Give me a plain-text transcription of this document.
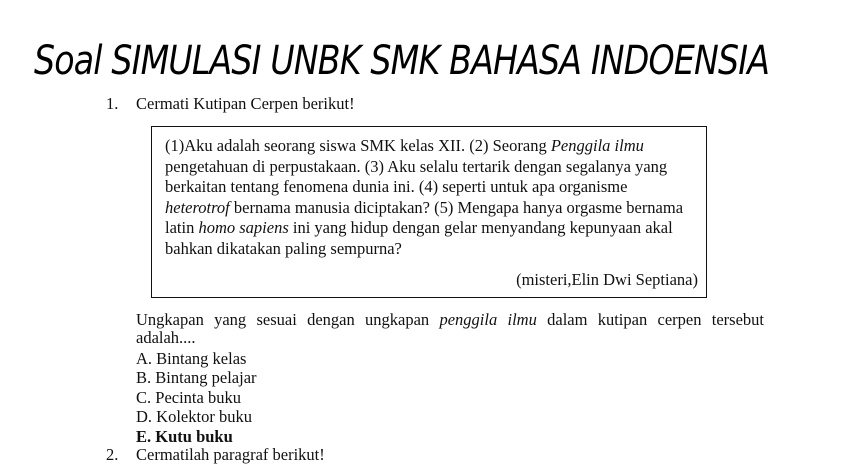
Soal SIMULASI UNBK SMK BAHASA INDOENSIA
1. Cermati Kutipan Cerpen berikut!

(1)Aku adalah seorang siswa SMK kelas XII. (2) Seorang Penggila ilmu
pengetahuan di perpustakaan. (3) Aku selalu tertarik dengan segalanya yang
berkaitan tentang fenomena dunia ini. (4) seperti untuk apa organisme
heterotrof bernama manusia diciptakan? (5) Mengapa hanya orgasme bernama
latin homo sapiens ini yang hidup dengan gelar menyandang kepunyaan akal
bahkan dikatakan paling sempurna?

(misteri,Elin Dwi Septiana)

Ungkapan yang sesuai dengan ungkapan penggila ilmu dalam kutipan cerpen tersebut adalah....
A. Bintang kelas
B. Bintang pelajar
C. Pecinta buku
D. Kolektor buku
E. Kutu buku
2. Cermatilah paragraf berikut!
